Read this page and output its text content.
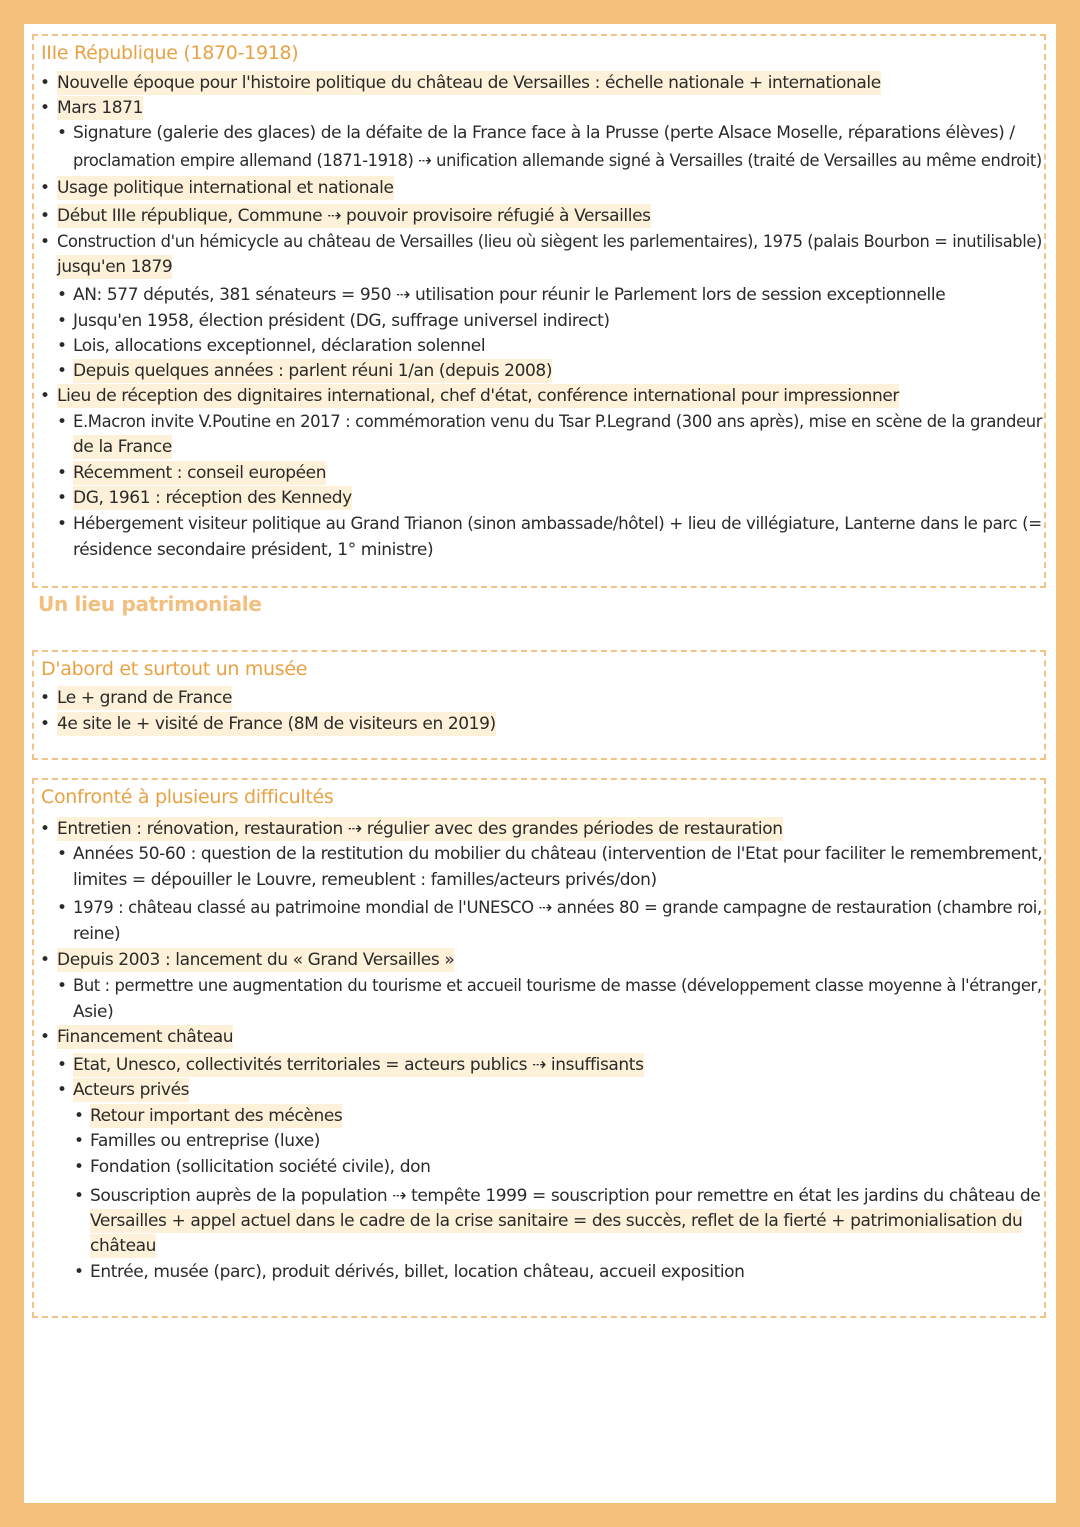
IIIe République (1870-1918)
• Nouvelle époque pour l'histoire politique du château de Versailles : échelle nationale + internationale
• Mars 1871
• Signature (galerie des glaces) de la défaite de la France face à la Prusse (perte Alsace Moselle, réparations élèves) /
proclamation empire allemand (1871-1918) ⇢ unification allemande signé à Versailles (traité de Versailles au même endroit)
• Usage politique international et nationale
• Début IIIe république, Commune ⇢ pouvoir provisoire réfugié à Versailles
• Construction d'un hémicycle au château de Versailles (lieu où siègent les parlementaires), 1975 (palais Bourbon = inutilisable)
jusqu'en 1879
• AN: 577 députés, 381 sénateurs = 950 ⇢ utilisation pour réunir le Parlement lors de session exceptionnelle
• Jusqu'en 1958, élection président (DG, suffrage universel indirect)
• Lois, allocations exceptionnel, déclaration solennel
• Depuis quelques années : parlent réuni 1/an (depuis 2008)
• Lieu de réception des dignitaires international, chef d'état, conférence international pour impressionner
• E.Macron invite V.Poutine en 2017 : commémoration venu du Tsar P.Legrand (300 ans après), mise en scène de la grandeur
de la France
• Récemment : conseil européen
• DG, 1961 : réception des Kennedy
• Hébergement visiteur politique au Grand Trianon (sinon ambassade/hôtel) + lieu de villégiature, Lanterne dans le parc (=
résidence secondaire président, 1° ministre)
Un lieu patrimoniale
D'abord et surtout un musée
• Le + grand de France
• 4e site le + visité de France (8M de visiteurs en 2019)
Confronté à plusieurs difficultés
• Entretien : rénovation, restauration ⇢ régulier avec des grandes périodes de restauration
• Années 50-60 : question de la restitution du mobilier du château (intervention de l'Etat pour faciliter le remembrement,
limites = dépouiller le Louvre, remeublent : familles/acteurs privés/don)
• 1979 : château classé au patrimoine mondial de l'UNESCO ⇢ années 80 = grande campagne de restauration (chambre roi,
reine)
• Depuis 2003 : lancement du « Grand Versailles »
• But : permettre une augmentation du tourisme et accueil tourisme de masse (développement classe moyenne à l'étranger,
Asie)
• Financement château
• Etat, Unesco, collectivités territoriales = acteurs publics ⇢ insuffisants
• Acteurs privés
• Retour important des mécènes
• Familles ou entreprise (luxe)
• Fondation (sollicitation société civile), don
• Souscription auprès de la population ⇢ tempête 1999 = souscription pour remettre en état les jardins du château de
Versailles + appel actuel dans le cadre de la crise sanitaire = des succès, reflet de la fierté + patrimonialisation du
château
• Entrée, musée (parc), produit dérivés, billet, location château, accueil exposition
